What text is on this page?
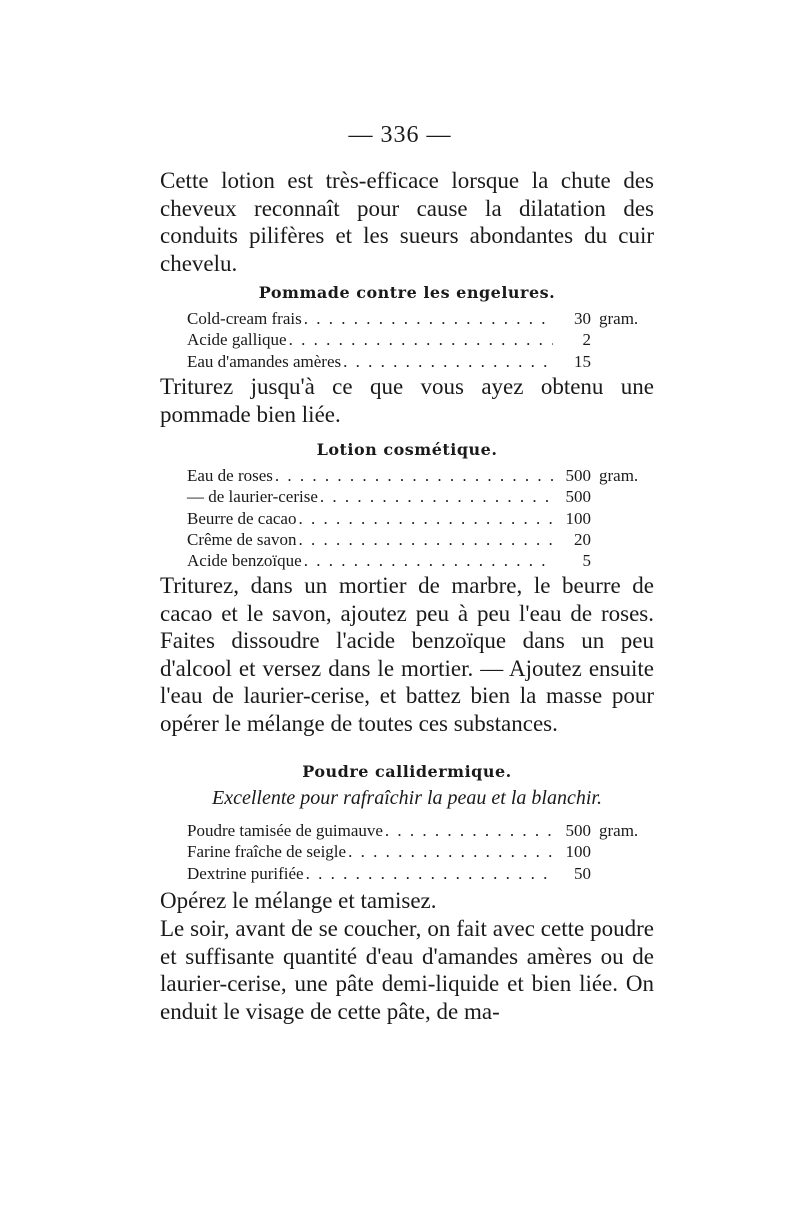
— 336 —

Cette lotion est très-efficace lorsque la chute des cheveux reconnaît pour cause la dilatation des conduits pilifères et les sueurs abondantes du cuir chevelu.

Pommade contre les engelures.
Cold-cream frais . . .	30 gram.
Acide gallique . . .	2
Eau d'amandes amères . . .	15

Triturez jusqu'à ce que vous ayez obtenu une pommade bien liée.

Lotion cosmétique.
Eau de roses . . .	500 gram.
— de laurier-cerise . . .	500
Beurre de cacao . . .	100
Crême de savon . . .	20
Acide benzoïque . . .	5

Triturez, dans un mortier de marbre, le beurre de cacao et le savon, ajoutez peu à peu l'eau de roses. Faites dissoudre l'acide benzoïque dans un peu d'alcool et versez dans le mortier. — Ajoutez ensuite l'eau de laurier-cerise, et battez bien la masse pour opérer le mélange de toutes ces substances.

Poudre callidermique.
Excellente pour rafraîchir la peau et la blanchir.
Poudre tamisée de guimauve . . .	500 gram.
Farine fraîche de seigle . . .	100
Dextrine purifiée . . .	50

Opérez le mélange et tamisez.

Le soir, avant de se coucher, on fait avec cette poudre et suffisante quantité d'eau d'amandes amères ou de laurier-cerise, une pâte demi-liquide et bien liée. On enduit le visage de cette pâte, de ma-
